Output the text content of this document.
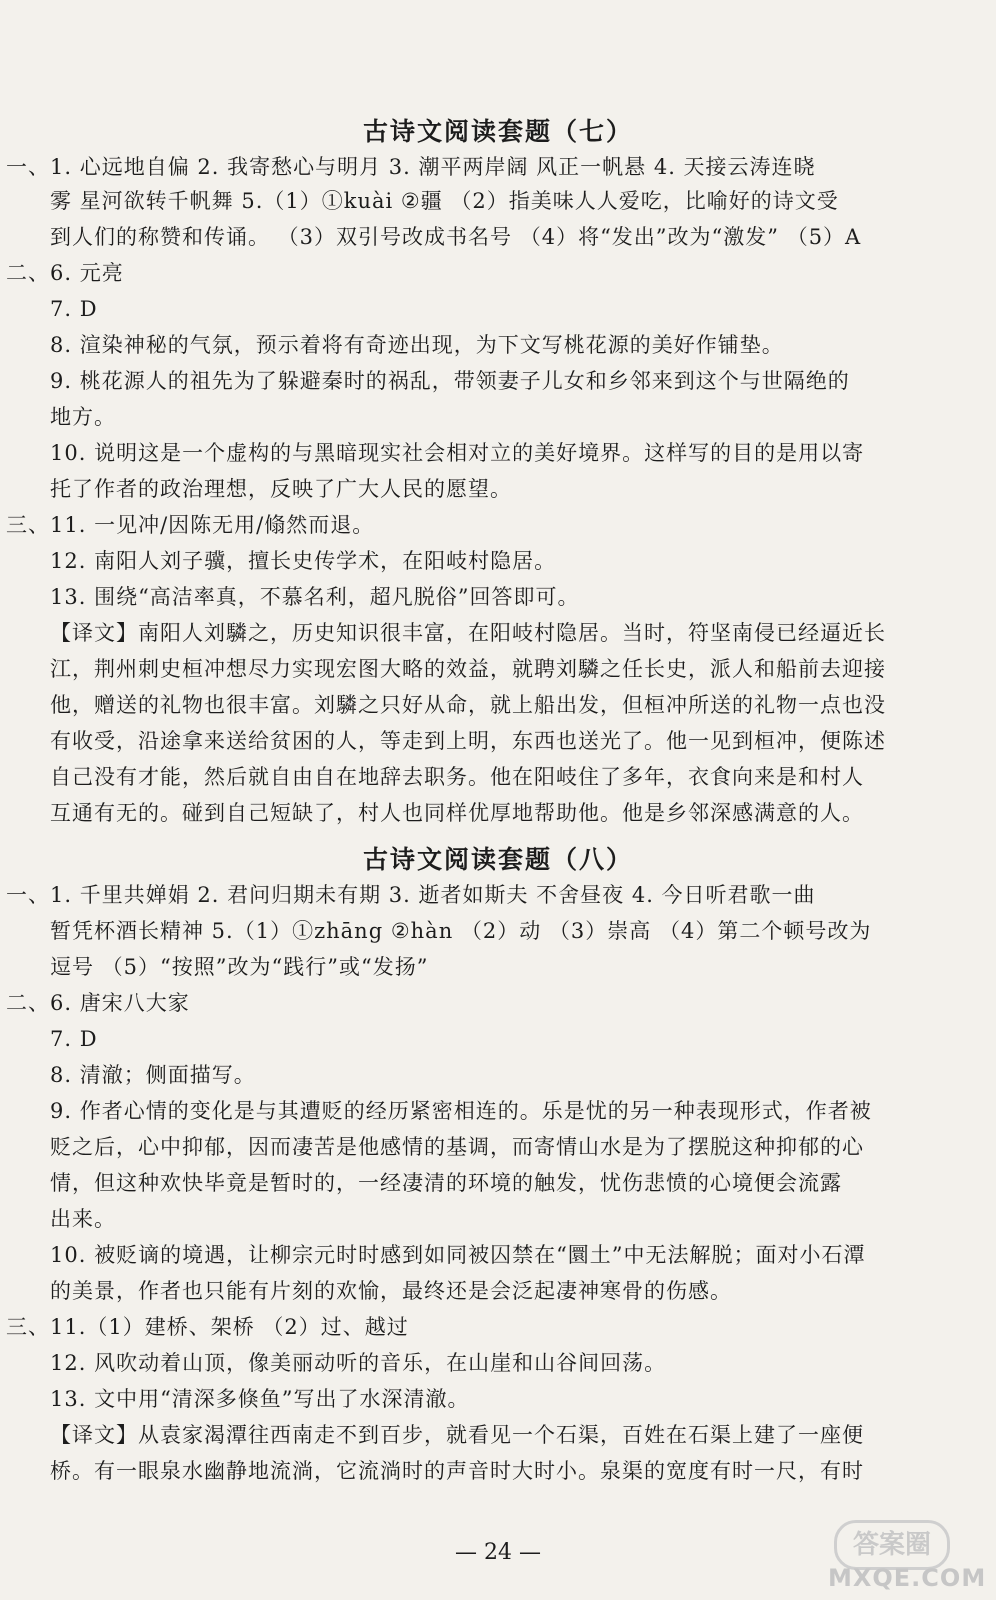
古诗文阅读套题（七）
一、1. 心远地自偏 2. 我寄愁心与明月 3. 潮平两岸阔 风正一帆悬 4. 天接云涛连晓
雾 星河欲转千帆舞 5.（1）①kuài ②疆 （2）指美味人人爱吃，比喻好的诗文受
到人们的称赞和传诵。 （3）双引号改成书名号 （4）将“发出”改为“激发” （5）A
二、6. 元亮
7. D
8. 渲染神秘的气氛，预示着将有奇迹出现，为下文写桃花源的美好作铺垫。
9. 桃花源人的祖先为了躲避秦时的祸乱，带领妻子儿女和乡邻来到这个与世隔绝的
地方。
10. 说明这是一个虚构的与黑暗现实社会相对立的美好境界。这样写的目的是用以寄
托了作者的政治理想，反映了广大人民的愿望。
三、11. 一见冲/因陈无用/翛然而退。
12. 南阳人刘子骥，擅长史传学术，在阳岐村隐居。
13. 围绕“高洁率真，不慕名利，超凡脱俗”回答即可。
【译文】南阳人刘驎之，历史知识很丰富，在阳岐村隐居。当时，符坚南侵已经逼近长
江，荆州刺史桓冲想尽力实现宏图大略的效益，就聘刘驎之任长史，派人和船前去迎接
他，赠送的礼物也很丰富。刘驎之只好从命，就上船出发，但桓冲所送的礼物一点也没
有收受，沿途拿来送给贫困的人，等走到上明，东西也送光了。他一见到桓冲，便陈述
自己没有才能，然后就自由自在地辞去职务。他在阳岐住了多年，衣食向来是和村人
互通有无的。碰到自己短缺了，村人也同样优厚地帮助他。他是乡邻深感满意的人。
古诗文阅读套题（八）
一、1. 千里共婵娟 2. 君问归期未有期 3. 逝者如斯夫 不舍昼夜 4. 今日听君歌一曲
暂凭杯酒长精神 5.（1）①zhāng ②hàn （2）动 （3）崇高 （4）第二个顿号改为
逗号 （5）“按照”改为“践行”或“发扬”
二、6. 唐宋八大家
7. D
8. 清澈；侧面描写。
9. 作者心情的变化是与其遭贬的经历紧密相连的。乐是忧的另一种表现形式，作者被
贬之后，心中抑郁，因而凄苦是他感情的基调，而寄情山水是为了摆脱这种抑郁的心
情，但这种欢快毕竟是暂时的，一经凄清的环境的触发，忧伤悲愤的心境便会流露
出来。
10. 被贬谪的境遇，让柳宗元时时感到如同被囚禁在“圜土”中无法解脱；面对小石潭
的美景，作者也只能有片刻的欢愉，最终还是会泛起凄神寒骨的伤感。
三、11.（1）建桥、架桥 （2）过、越过
12. 风吹动着山顶，像美丽动听的音乐，在山崖和山谷间回荡。
13. 文中用“清深多倏鱼”写出了水深清澈。
【译文】从袁家渴潭往西南走不到百步，就看见一个石渠，百姓在石渠上建了一座便
桥。有一眼泉水幽静地流淌，它流淌时的声音时大时小。泉渠的宽度有时一尺，有时
— 24 —	答案圈
MXQE.COM
